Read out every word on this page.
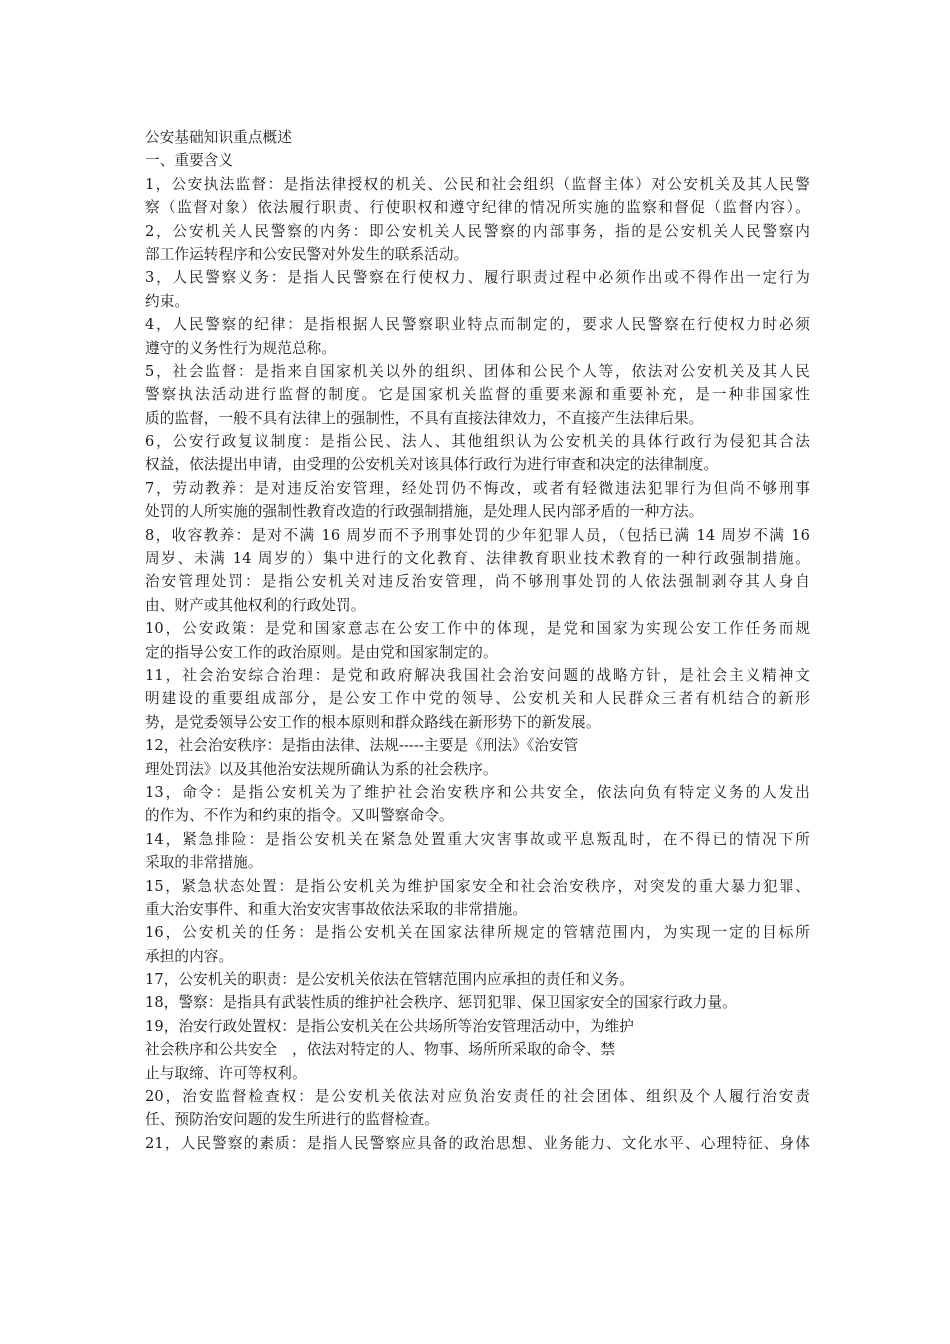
公安基础知识重点概述
一、重要含义
1，公安执法监督：是指法律授权的机关、公民和社会组织（监督主体）对公安机关及其人民警
察（监督对象）依法履行职责、行使职权和遵守纪律的情况所实施的监察和督促（监督内容）。
2，公安机关人民警察的内务：即公安机关人民警察的内部事务，指的是公安机关人民警察内
部工作运转程序和公安民警对外发生的联系活动。
3，人民警察义务：是指人民警察在行使权力、履行职责过程中必须作出或不得作出一定行为
约束。
4，人民警察的纪律：是指根据人民警察职业特点而制定的，要求人民警察在行使权力时必须
遵守的义务性行为规范总称。
5，社会监督：是指来自国家机关以外的组织、团体和公民个人等，依法对公安机关及其人民
警察执法活动进行监督的制度。它是国家机关监督的重要来源和重要补充，是一种非国家性
质的监督，一般不具有法律上的强制性，不具有直接法律效力，不直接产生法律后果。
6，公安行政复议制度：是指公民、法人、其他组织认为公安机关的具体行政行为侵犯其合法
权益，依法提出申请，由受理的公安机关对该具体行政行为进行审查和决定的法律制度。
7，劳动教养：是对违反治安管理，经处罚仍不悔改，或者有轻微违法犯罪行为但尚不够刑事
处罚的人所实施的强制性教育改造的行政强制措施，是处理人民内部矛盾的一种方法。
8，收容教养：是对不满 16 周岁而不予刑事处罚的少年犯罪人员，（包括已满 14 周岁不满 16
周岁、未满 14 周岁的）集中进行的文化教育、法律教育职业技术教育的一种行政强制措施。
治安管理处罚：是指公安机关对违反治安管理，尚不够刑事处罚的人依法强制剥夺其人身自
由、财产或其他权利的行政处罚。
10，公安政策：是党和国家意志在公安工作中的体现，是党和国家为实现公安工作任务而规
定的指导公安工作的政治原则。是由党和国家制定的。
11，社会治安综合治理：是党和政府解决我国社会治安问题的战略方针，是社会主义精神文
明建设的重要组成部分，是公安工作中党的领导、公安机关和人民群众三者有机结合的新形
势，是党委领导公安工作的根本原则和群众路线在新形势下的新发展。
12，社会治安秩序：是指由法律、法规-----主要是《刑法》《治安管
理处罚法》以及其他治安法规所确认为系的社会秩序。
13，命令：是指公安机关为了维护社会治安秩序和公共安全，依法向负有特定义务的人发出
的作为、不作为和约束的指令。又叫警察命令。
14，紧急排险：是指公安机关在紧急处置重大灾害事故或平息叛乱时，在不得已的情况下所
采取的非常措施。
15，紧急状态处置：是指公安机关为维护国家安全和社会治安秩序，对突发的重大暴力犯罪、
重大治安事件、和重大治安灾害事故依法采取的非常措施。
16，公安机关的任务：是指公安机关在国家法律所规定的管辖范围内，为实现一定的目标所
承担的内容。
17，公安机关的职责：是公安机关依法在管辖范围内应承担的责任和义务。
18，警察：是指具有武装性质的维护社会秩序、惩罚犯罪、保卫国家安全的国家行政力量。
19，治安行政处置权：是指公安机关在公共场所等治安管理活动中，为维护
社会秩序和公共安全　，依法对特定的人、物事、场所所采取的命令、禁
止与取缔、许可等权利。
20，治安监督检查权：是公安机关依法对应负治安责任的社会团体、组织及个人履行治安责
任、预防治安问题的发生所进行的监督检查。
21，人民警察的素质：是指人民警察应具备的政治思想、业务能力、文化水平、心理特征、身体
